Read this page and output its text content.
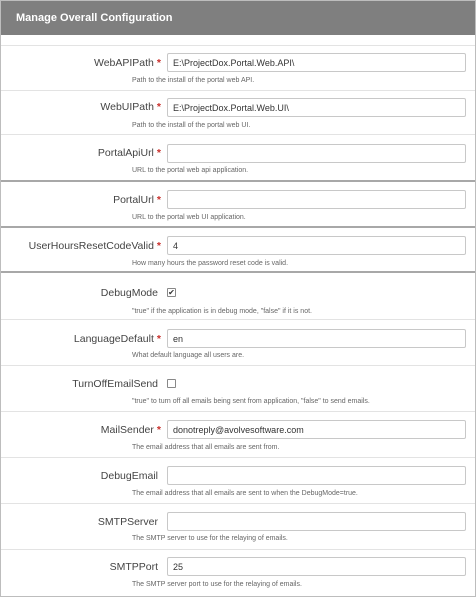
Manage Overall Configuration
WebAPIPath *	E:\ProjectDox.Portal.Web.API\
Path to the install of the portal web API.
WebUIPath *	E:\ProjectDox.Portal.Web.UI\
Path to the install of the portal web UI.
PortalApiUrl *
URL to the portal web api application.
PortalUrl *
URL to the portal web UI application.
UserHoursResetCodeValid *	4
How many hours the password reset code is valid.
DebugMode	✔
"true" if the application is in debug mode, "false" if it is not.
LanguageDefault *	en
What default language all users are.
TurnOffEmailSend
"true" to turn off all emails being sent from application, "false" to send emails.
MailSender *	donotreply@avolvesoftware.com
The email address that all emails are sent from.
DebugEmail
The email address that all emails are sent to when the DebugMode=true.
SMTPServer
The SMTP server to use for the relaying of emails.
SMTPPort	25
The SMTP server port to use for the relaying of emails.
